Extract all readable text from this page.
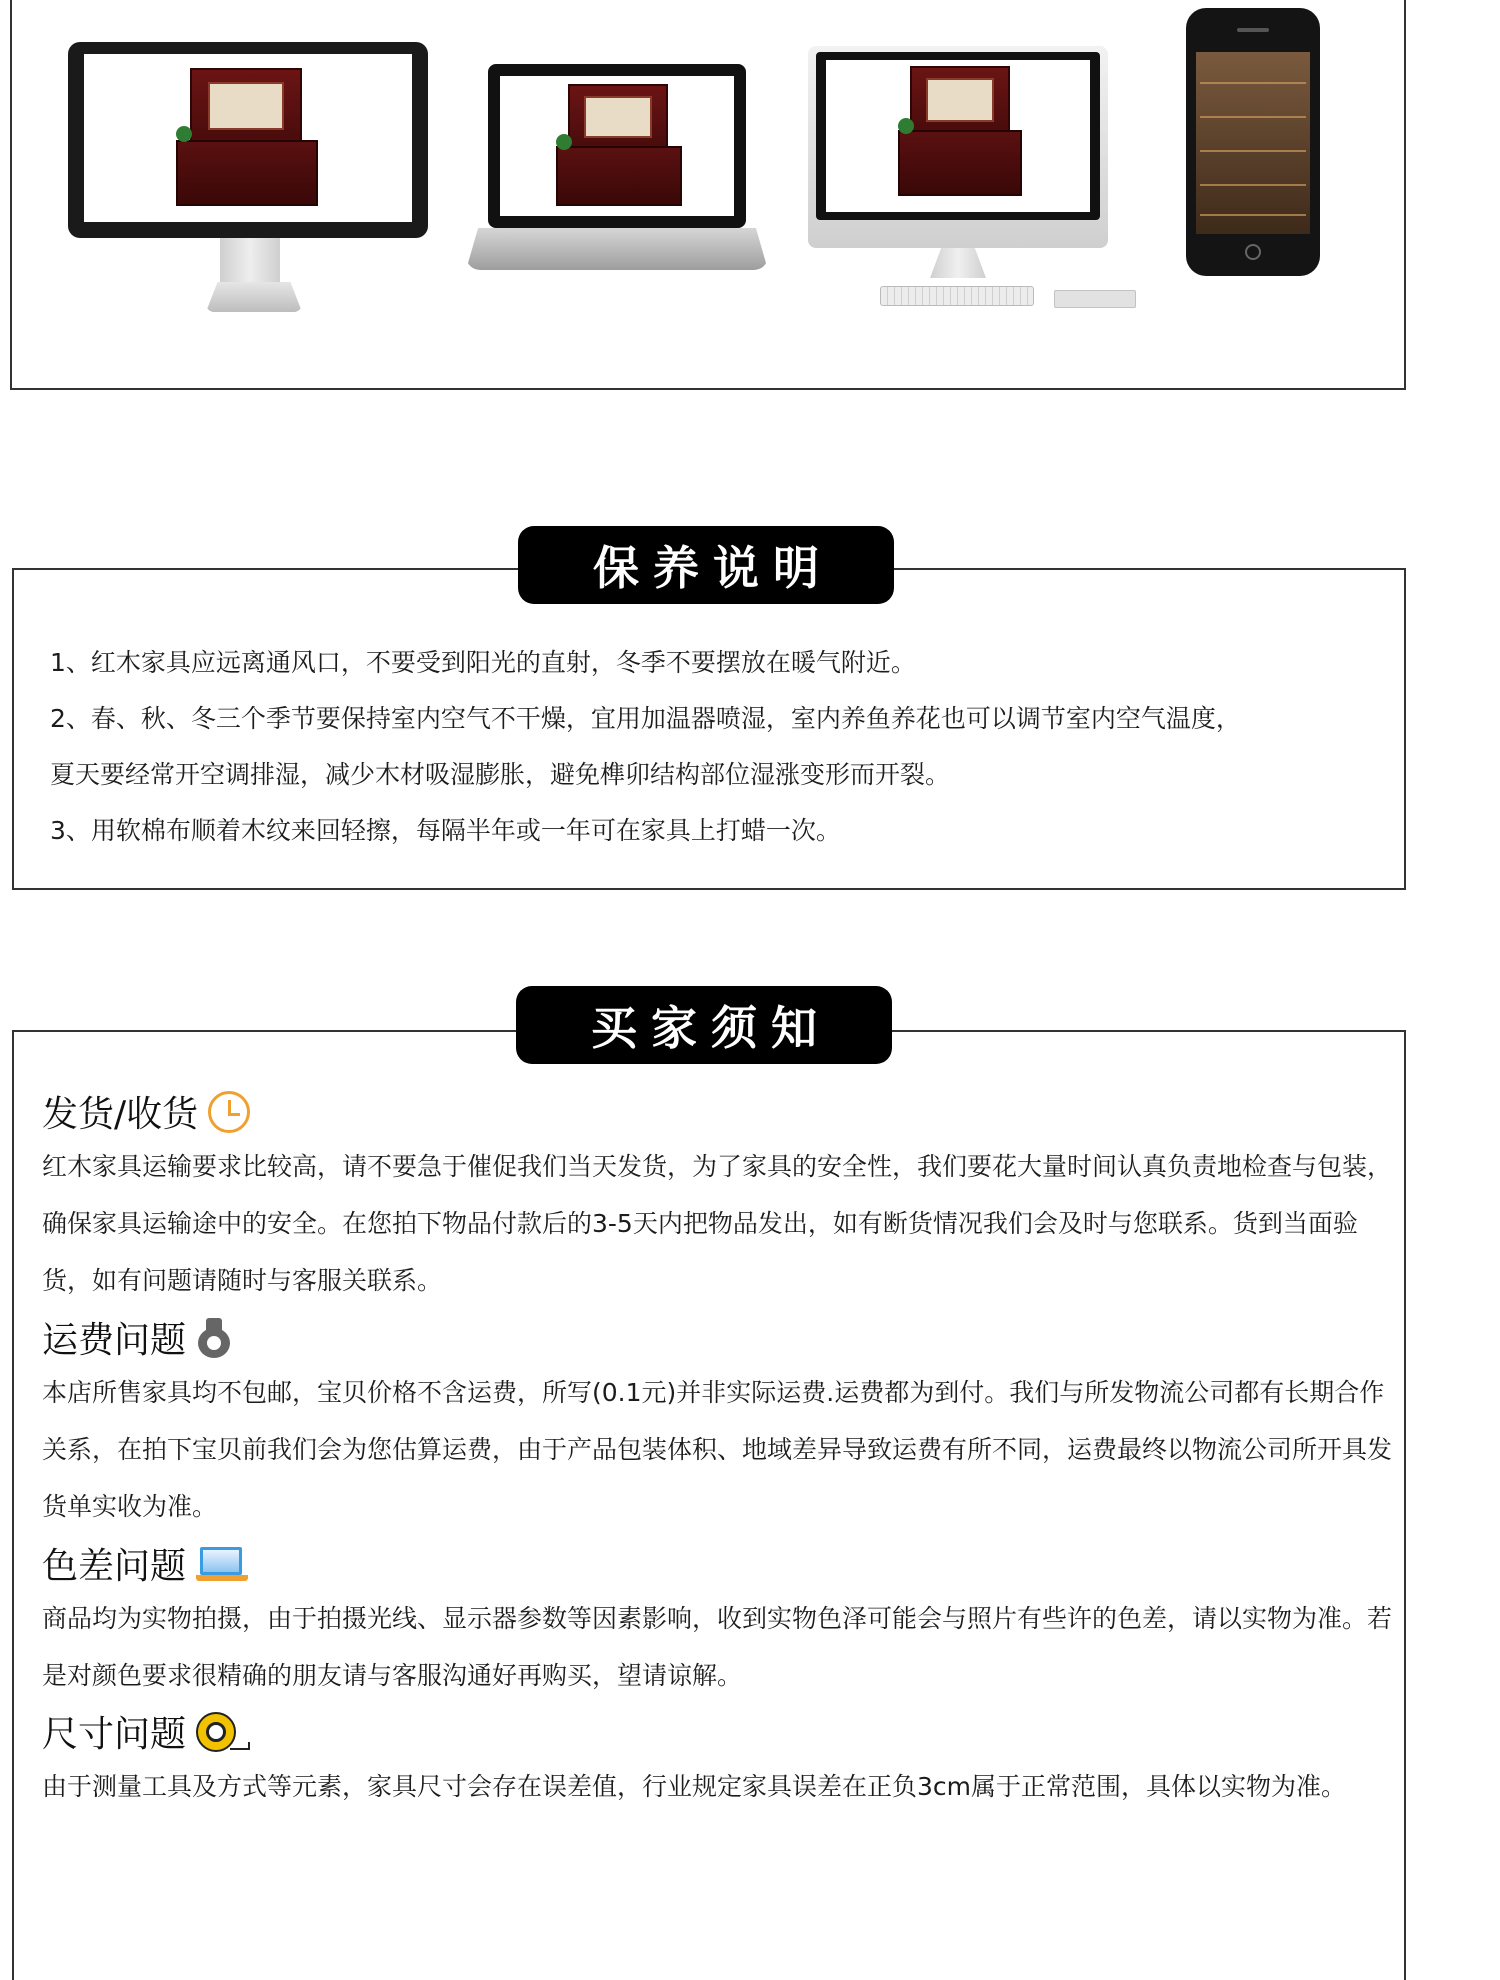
1、红木家具应远离通风口，不要受到阳光的直射，冬季不要摆放在暖气附近。
2、春、秋、冬三个季节要保持室内空气不干燥，宜用加温器喷湿，室内养鱼养花也可以调节室内空气温度，
夏天要经常开空调排湿，减少木材吸湿膨胀，避免榫卯结构部位湿涨变形而开裂。
3、用软棉布顺着木纹来回轻擦，每隔半年或一年可在家具上打蜡一次。
保养说明
发货/收货
红木家具运输要求比较高，请不要急于催促我们当天发货，为了家具的安全性，我们要花大量时间认真负责地检查与包装，确保家具运输途中的安全。在您拍下物品付款后的3-5天内把物品发出，如有断货情况我们会及时与您联系。货到当面验货，如有问题请随时与客服关联系。
运费问题
本店所售家具均不包邮，宝贝价格不含运费，所写(0.1元)并非实际运费.运费都为到付。我们与所发物流公司都有长期合作关系，在拍下宝贝前我们会为您估算运费，由于产品包装体积、地域差异导致运费有所不同，运费最终以物流公司所开具发货单实收为准。
色差问题
商品均为实物拍摄，由于拍摄光线、显示器参数等因素影响，收到实物色泽可能会与照片有些许的色差，请以实物为准。若是对颜色要求很精确的朋友请与客服沟通好再购买，望请谅解。
尺寸问题
由于测量工具及方式等元素，家具尺寸会存在误差值，行业规定家具误差在正负3cm属于正常范围，具体以实物为准。
买家须知
